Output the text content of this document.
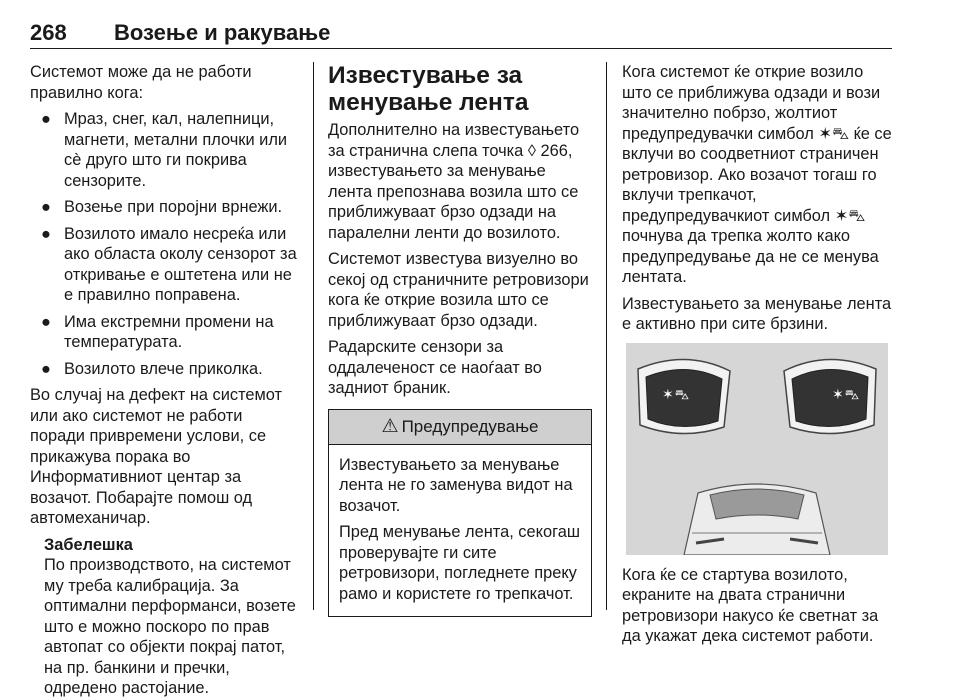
268 Возење и ракување

Системот може да не работи правилно кога:

● Мраз, снег, кал, налепници, магнети, метални плочки или сè друго што ги покрива сензорите.
● Возење при поројни врнежи.
● Возилото имало несреќа или ако областа околу сензорот за откривање е оштетена или не е правилно поправена.
● Има екстремни промени на температурата.
● Возилото влече приколка.

Во случај на дефект на системот или ако системот не работи поради привремени услови, се прикажува порака во Информативниот центар за возачот. Побарајте помош од автомеханичар.

Забелешка
По производството, на системот му треба калибрација. За оптимални перформанси, возете што е можно поскоро по прав автопат со објекти покрај патот, на пр. банкини и пречки, одредено растојание.
Известување за менување лента

Дополнително на известувањето за странична слепа точка ◊ 266, известувањето за менување лента препознава возила што се приближуваат брзо одзади на паралелни ленти до возилото.

Системот известува визуелно во секој од страничните ретровизори кога ќе открие возила што се приближуваат брзо одзади.

Радарските сензори за оддалеченост се наоѓаат во задниот браник.

⚠ Предупредување

Известувањето за менување лента не го заменува видот на возачот.

Пред менување лента, секогаш проверувајте ги сите ретровизори, погледнете преку рамо и користете го трепкачот.

Кога системот ќе открие возило што се приближува одзади и вози значително побрзо, жолтиот предупредувачки симбол ✶⛍ ќе се вклучи во соодветниот страничен ретровизор. Ако возачот тогаш го вклучи трепкачот, предупредувачкиот симбол ✶⛍ почнува да трепка жолто како предупредување да не се менува лентата.

Известувањето за менување лента е активно при сите брзини.

✶⛍	✶⛍

Кога ќе се стартува возилото, екраните на двата странични ретровизори накусо ќе светнат за да укажат дека системот работи.
